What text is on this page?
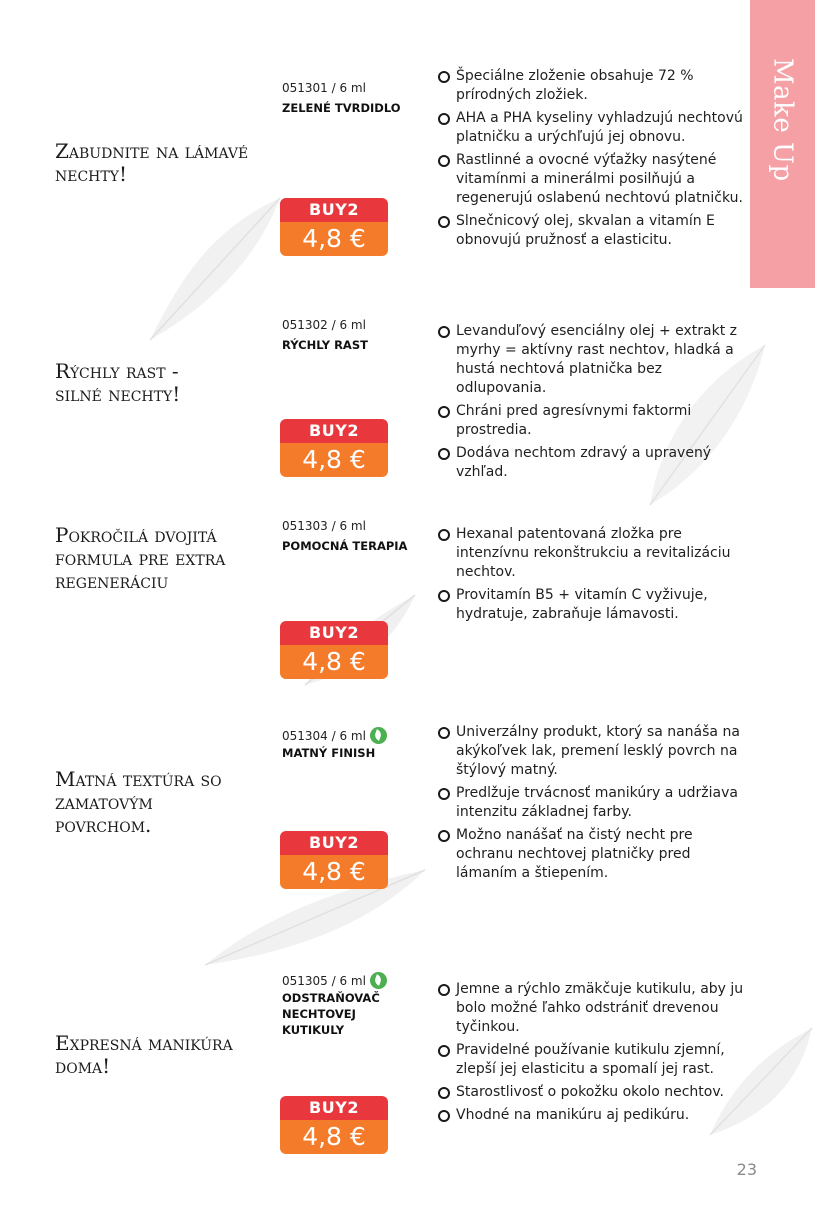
Make Up
Zabudnite na lámavé nechty!
051301 / 6 ml

ZELENÉ TVRDIDLO

BUY2
4,8 €
Špeciálne zloženie obsahuje 72 % prírodných zložiek.
AHA a PHA kyseliny vyhladzujú nechtovú platničku a urýchľujú jej obnovu.
Rastlinné a ovocné výťažky nasýtené vitamínmi a minerálmi posilňujú a regenerujú oslabenú nechtovú platničku.
Slnečnicový olej, skvalan a vitamín E obnovujú pružnosť a elasticitu.
Rýchly rast - silné nechty!
051302 / 6 ml

RÝCHLY RAST

BUY2
4,8 €
Levanduľový esenciálny olej + extrakt z myrhy = aktívny rast nechtov, hladká a hustá nechtová platnička bez odlupovania.
Chráni pred agresívnymi faktormi prostredia.
Dodáva nechtom zdravý a upravený vzhľad.
Pokročilá dvojitá formula pre extra regeneráciu
051303 / 6 ml

POMOCNÁ TERAPIA

BUY2
4,8 €
Hexanal patentovaná zložka pre intenzívnu rekonštrukciu a revitalizáciu nechtov.
Provitamín B5 + vitamín C vyživuje, hydratuje, zabraňuje lámavosti.
Matná textúra so zamatovým povrchom.
051304 / 6 ml

MATNÝ FINISH

BUY2
4,8 €
Univerzálny produkt, ktorý sa nanáša na akýkoľvek lak, premení lesklý povrch na štýlový matný.
Predlžuje trvácnosť manikúry a udržiava intenzitu základnej farby.
Možno nanášať na čistý necht pre ochranu nechtovej platničky pred lámaním a štiepením.
Expresná manikúra doma!
051305 / 6 ml

ODSTRAŇOVAČ NECHTOVEJ KUTIKULY

BUY2
4,8 €
Jemne a rýchlo zmäkčuje kutikulu, aby ju bolo možné ľahko odstrániť drevenou tyčinkou.
Pravidelné používanie kutikulu zjemní, zlepší jej elasticitu a spomalí jej rast.
Starostlivosť o pokožku okolo nechtov.
Vhodné na manikúru aj pedikúru.
23
